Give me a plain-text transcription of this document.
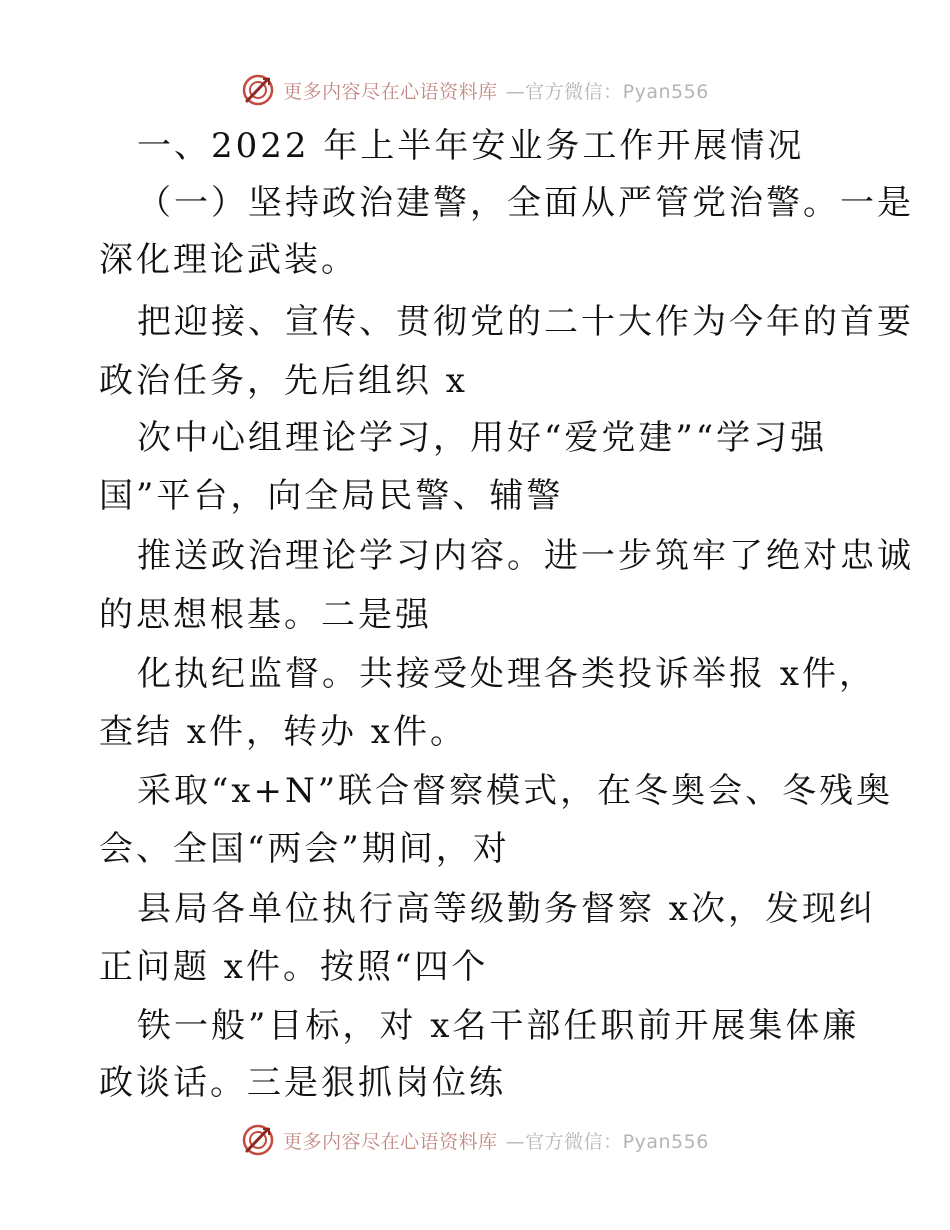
更多内容尽在心语资料库 —官方微信：Pyan556
一、2022 年上半年安业务工作开展情况
（一）坚持政治建警，全面从严管党治警。一是
深化理论武装。
把迎接、宣传、贯彻党的二十大作为今年的首要
政治任务，先后组织 x
次中心组理论学习，用好“爱党建”“学习强
国”平台，向全局民警、辅警
推送政治理论学习内容。进一步筑牢了绝对忠诚
的思想根基。二是强
化执纪监督。共接受处理各类投诉举报 x件，
查结 x件，转办 x件。
采取“x+N”联合督察模式，在冬奥会、冬残奥
会、全国“两会”期间，对
县局各单位执行高等级勤务督察 x次，发现纠
正问题 x件。按照“四个
铁一般”目标，对 x名干部任职前开展集体廉
政谈话。三是狠抓岗位练
更多内容尽在心语资料库 —官方微信：Pyan556
